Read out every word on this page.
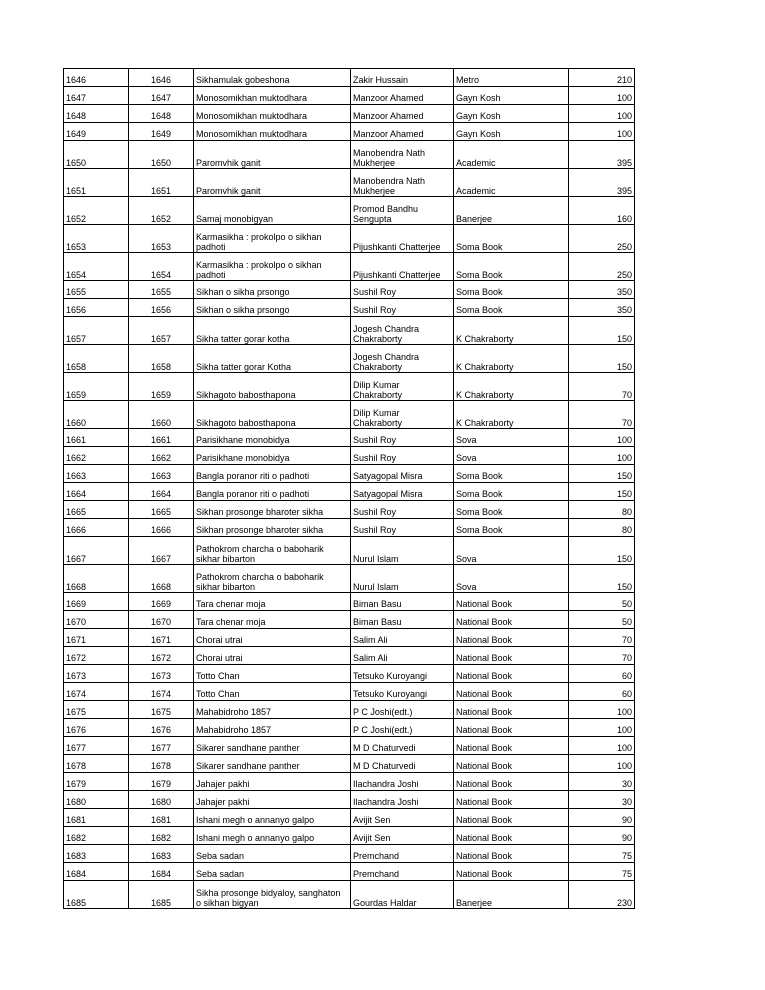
1646	1646	Sikhamulak gobeshona	Zakir Hussain	Metro	210
1647	1647	Monosomikhan muktodhara	Manzoor Ahamed	Gayn Kosh	100
1648	1648	Monosomikhan muktodhara	Manzoor Ahamed	Gayn Kosh	100
1649	1649	Monosomikhan muktodhara	Manzoor Ahamed	Gayn Kosh	100
1650	1650	Paromvhik ganit	Manobendra Nath
Mukherjee	Academic	395
1651	1651	Paromvhik ganit	Manobendra Nath
Mukherjee	Academic	395
1652	1652	Samaj monobigyan	Promod Bandhu
Sengupta	Banerjee	160
1653	1653	Karmasikha : prokolpo o sikhan
padhoti	Pijushkanti Chatterjee	Soma Book	250
1654	1654	Karmasikha : prokolpo o sikhan
padhoti	Pijushkanti Chatterjee	Soma Book	250
1655	1655	Sikhan o sikha prsongo	Sushil Roy	Soma Book	350
1656	1656	Sikhan o sikha prsongo	Sushil Roy	Soma Book	350
1657	1657	Sikha tatter gorar kotha	Jogesh Chandra
Chakraborty	K Chakraborty	150
1658	1658	Sikha tatter gorar Kotha	Jogesh Chandra
Chakraborty	K Chakraborty	150
1659	1659	Sikhagoto babosthapona	Dilip Kumar
Chakraborty	K Chakraborty	70
1660	1660	Sikhagoto babosthapona	Dilip Kumar
Chakraborty	K Chakraborty	70
1661	1661	Parisikhane monobidya	Sushil Roy	Sova	100
1662	1662	Parisikhane monobidya	Sushil Roy	Sova	100
1663	1663	Bangla poranor riti o padhoti	Satyagopal Misra	Soma Book	150
1664	1664	Bangla poranor riti o padhoti	Satyagopal Misra	Soma Book	150
1665	1665	Sikhan prosonge bharoter sikha	Sushil Roy	Soma Book	80
1666	1666	Sikhan prosonge bharoter sikha	Sushil Roy	Soma Book	80
1667	1667	Pathokrom charcha o baboharik
sikhar bibarton	Nurul Islam	Sova	150
1668	1668	Pathokrom charcha o baboharik
sikhar bibarton	Nurul Islam	Sova	150
1669	1669	Tara chenar moja	Biman Basu	National Book	50
1670	1670	Tara chenar moja	Biman Basu	National Book	50
1671	1671	Chorai utrai	Salim Ali	National Book	70
1672	1672	Chorai utrai	Salim Ali	National Book	70
1673	1673	Totto Chan	Tetsuko Kuroyangi	National Book	60
1674	1674	Totto Chan	Tetsuko Kuroyangi	National Book	60
1675	1675	Mahabidroho 1857	P C Joshi(edt.)	National Book	100
1676	1676	Mahabidroho 1857	P C Joshi(edt.)	National Book	100
1677	1677	Sikarer sandhane panther	M D Chaturvedi	National Book	100
1678	1678	Sikarer sandhane panther	M D Chaturvedi	National Book	100
1679	1679	Jahajer pakhi	Ilachandra Joshi	National Book	30
1680	1680	Jahajer pakhi	Ilachandra Joshi	National Book	30
1681	1681	Ishani megh o annanyo galpo	Avijit Sen	National Book	90
1682	1682	Ishani megh o annanyo galpo	Avijit Sen	National Book	90
1683	1683	Seba sadan	Premchand	National Book	75
1684	1684	Seba sadan	Premchand	National Book	75
1685	1685	Sikha prosonge bidyaloy, sanghaton
o sikhan bigyan	Gourdas Haldar	Banerjee	230
